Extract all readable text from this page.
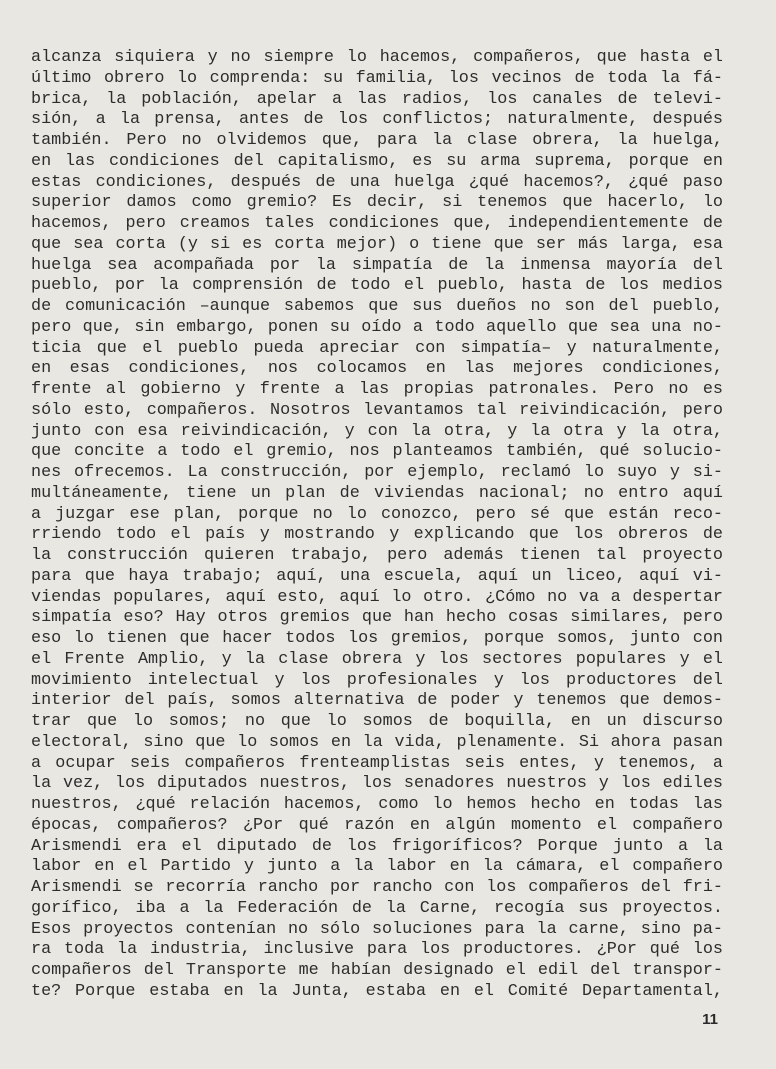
alcanza siquiera y no siempre lo hacemos, compañeros, que hasta el
último obrero lo comprenda: su familia, los vecinos de toda la fá-
brica, la población, apelar a las radios, los canales de televi-
sión, a la prensa, antes de los conflictos; naturalmente, después
también. Pero no olvidemos que, para la clase obrera, la huelga,
en las condiciones del capitalismo, es su arma suprema, porque en
estas condiciones, después de una huelga ¿qué hacemos?, ¿qué paso
superior damos como gremio? Es decir, si tenemos que hacerlo, lo
hacemos, pero creamos tales condiciones que, independientemente de
que sea corta (y si es corta mejor) o tiene que ser más larga, esa
huelga sea acompañada por la simpatía de la inmensa mayoría del
pueblo, por la comprensión de todo el pueblo, hasta de los medios
de comunicación –aunque sabemos que sus dueños no son del pueblo,
pero que, sin embargo, ponen su oído a todo aquello que sea una no-
ticia que el pueblo pueda apreciar con simpatía– y naturalmente,
en esas condiciones, nos colocamos en las mejores condiciones,
frente al gobierno y frente a las propias patronales. Pero no es
sólo esto, compañeros. Nosotros levantamos tal reivindicación, pero
junto con esa reivindicación, y con la otra, y la otra y la otra,
que concite a todo el gremio, nos planteamos también, qué solucio-
nes ofrecemos. La construcción, por ejemplo, reclamó lo suyo y si-
multáneamente, tiene un plan de viviendas nacional; no entro aquí
a juzgar ese plan, porque no lo conozco, pero sé que están reco-
rriendo todo el país y mostrando y explicando que los obreros de
la construcción quieren trabajo, pero además tienen tal proyecto
para que haya trabajo; aquí, una escuela, aquí un liceo, aquí vi-
viendas populares, aquí esto, aquí lo otro. ¿Cómo no va a despertar
simpatía eso? Hay otros gremios que han hecho cosas similares, pero
eso lo tienen que hacer todos los gremios, porque somos, junto con
el Frente Amplio, y la clase obrera y los sectores populares y el
movimiento intelectual y los profesionales y los productores del
interior del país, somos alternativa de poder y tenemos que demos-
trar que lo somos; no que lo somos de boquilla, en un discurso
electoral, sino que lo somos en la vida, plenamente. Si ahora pasan
a ocupar seis compañeros frenteamplistas seis entes, y tenemos, a
la vez, los diputados nuestros, los senadores nuestros y los ediles
nuestros, ¿qué relación hacemos, como lo hemos hecho en todas las
épocas, compañeros? ¿Por qué razón en algún momento el compañero
Arismendi era el diputado de los frigoríficos? Porque junto a la
labor en el Partido y junto a la labor en la cámara, el compañero
Arismendi se recorría rancho por rancho con los compañeros del fri-
gorífico, iba a la Federación de la Carne, recogía sus proyectos.
Esos proyectos contenían no sólo soluciones para la carne, sino pa-
ra toda la industria, inclusive para los productores. ¿Por qué los
compañeros del Transporte me habían designado el edil del transpor-
te? Porque estaba en la Junta, estaba en el Comité Departamental,
11
